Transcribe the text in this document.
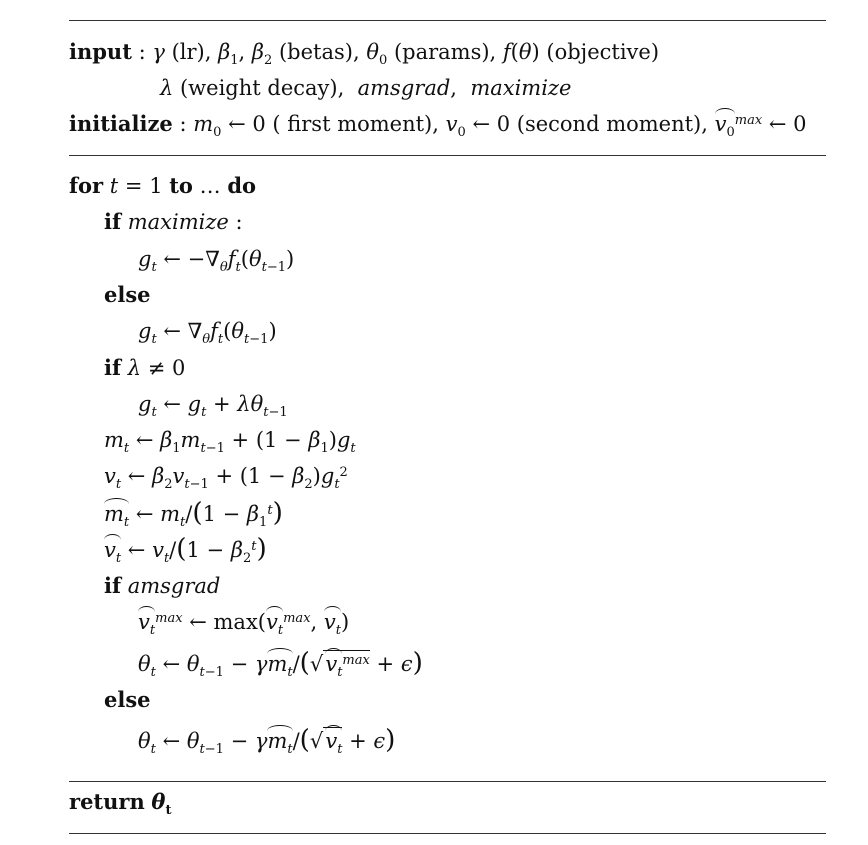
input : γ (lr), $\beta_1$, $\beta_2$ (betas), $\theta_0$ (params), f(θ) (objective)
λ (weight decay),  amsgrad,  maximize
initialize : $m_0$ ← 0 ( first moment), $v_0$ ← 0 (second moment), $v_0^{max}$ ← 0
for t = 1 to … do
if maximize :
$g_t$ ← $-\nabla_\theta f_t(\theta_{t-1})$
else
$g_t$ ← $\nabla_\theta f_t(\theta_{t-1})$
if λ ≠ 0
$g_t$ ← $g_t + \lambda\theta_{t-1}$
$m_t$ ← $\beta_1m_{t-1} + (1 - \beta_1)g_t$
$v_t$ ← $\beta_2v_{t-1} + (1 - \beta_2)g_t^2$
$m_t$ ← $m_t/(1 - \beta_1^t)$
$v_t$ ← $v_t/(1 - \beta_2^t)$
if amsgrad
$v_t^{max}$ ← $\max(v_t^{max}$, $v_t$)
$\theta_t$ ← $\theta_{t-1} - \gamma m_t/(√v_t^{max} + \epsilon)$
else
$\theta_t$ ← $\theta_{t-1} - \gamma m_t/(√v_t + \epsilon)$
return $\theta_t$
